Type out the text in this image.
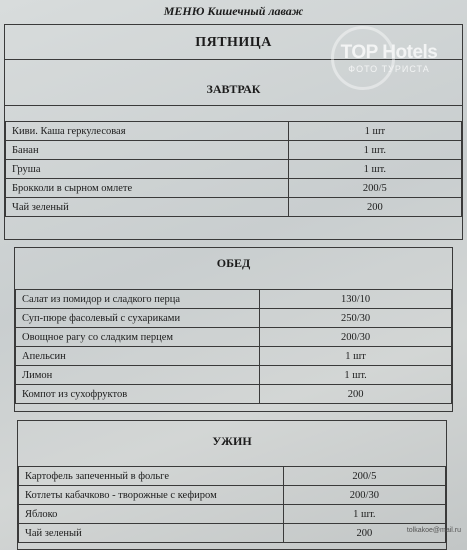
МЕНЮ Кишечный лаваж
ПЯТНИЦА
ЗАВТРАК
Киви. Каша геркулесовая	1 шт
Банан	1 шт.
Груша	1 шт.
Брокколи в сырном омлете	200/5
Чай зеленый	200
ОБЕД
Салат из помидор и сладкого перца	130/10
Суп-пюре фасолевый с сухариками	250/30
Овощное рагу со сладким перцем	200/30
Апельсин	1 шт
Лимон	1 шт.
Компот из сухофруктов	200
УЖИН
Картофель запеченный в фольге	200/5
Котлеты кабачково - творожные с кефиром	200/30
Яблоко	1 шт.
Чай зеленый	200
TOP Hotels
ФОТО ТУРИСТА
tolkakoe@mail.ru
